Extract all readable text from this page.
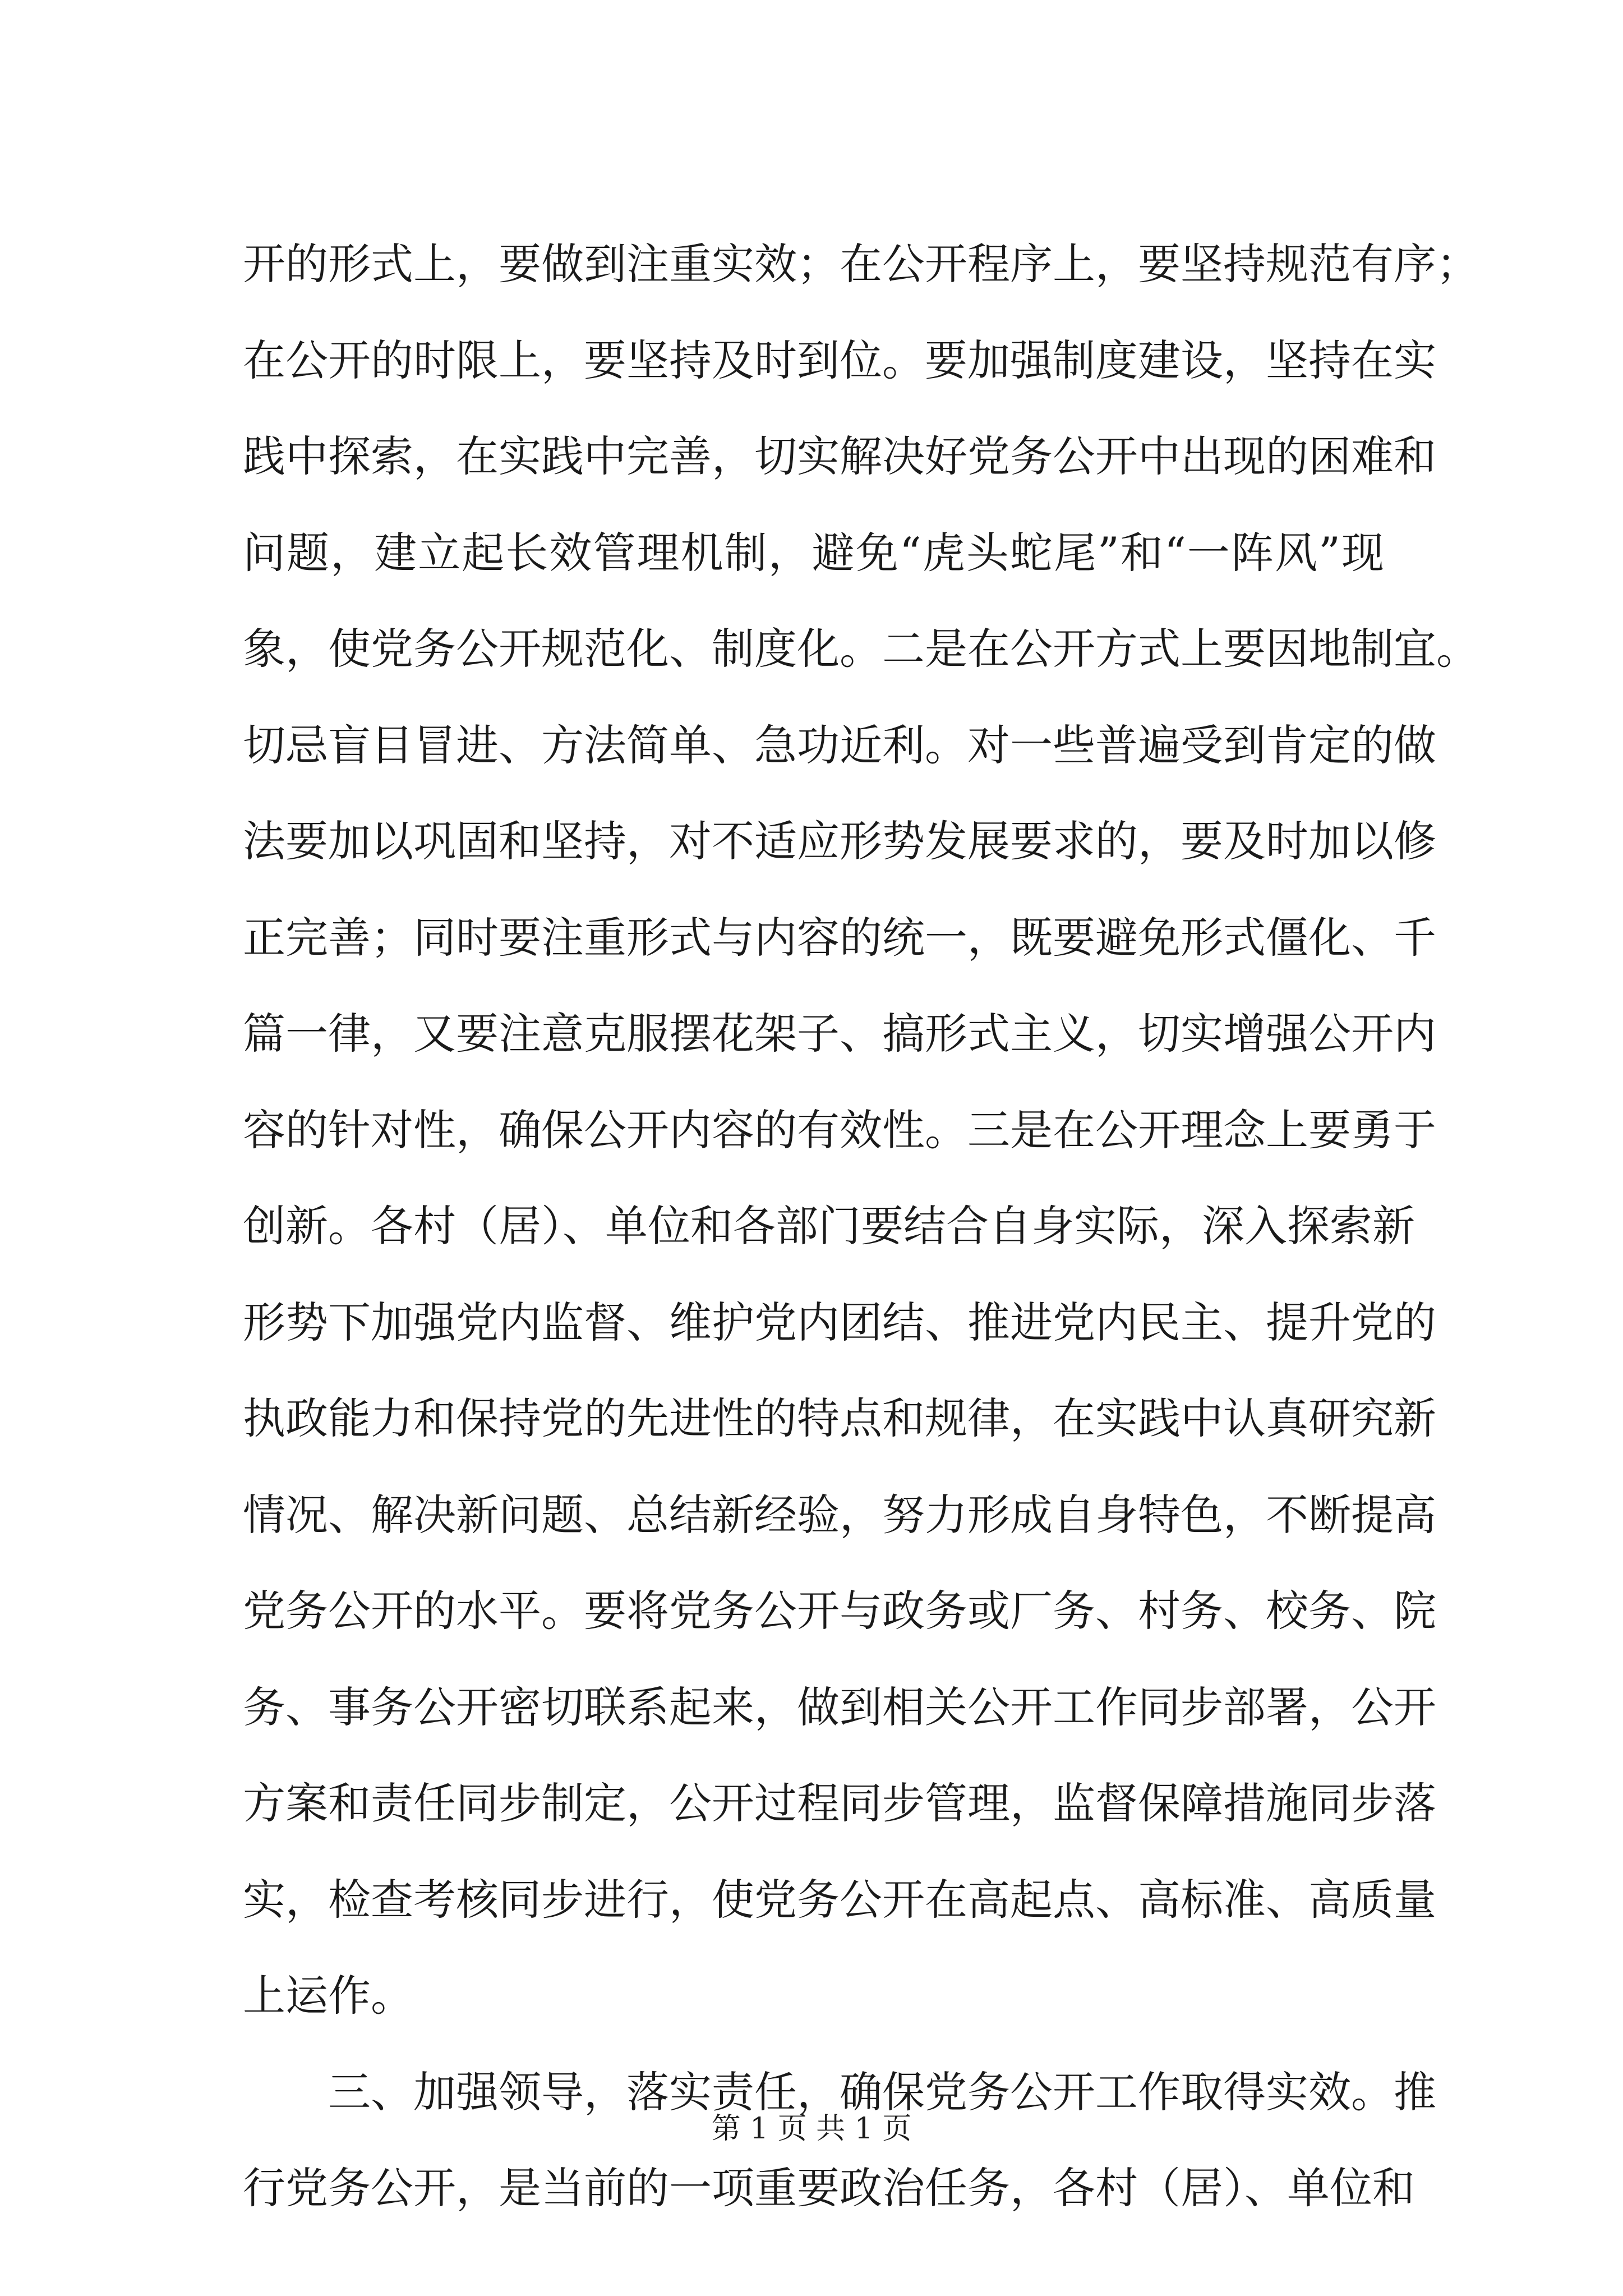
开的形式上，要做到注重实效；在公开程序上，要坚持规范有序；
在公开的时限上，要坚持及时到位。要加强制度建设，坚持在实
践中探索，在实践中完善，切实解决好党务公开中出现的困难和
问题，建立起长效管理机制，避免“虎头蛇尾”和“一阵风”现
象，使党务公开规范化、制度化。二是在公开方式上要因地制宜。
切忌盲目冒进、方法简单、急功近利。对一些普遍受到肯定的做
法要加以巩固和坚持，对不适应形势发展要求的，要及时加以修
正完善；同时要注重形式与内容的统一，既要避免形式僵化、千
篇一律，又要注意克服摆花架子、搞形式主义，切实增强公开内
容的针对性，确保公开内容的有效性。三是在公开理念上要勇于
创新。各村（居）、单位和各部门要结合自身实际，深入探索新
形势下加强党内监督、维护党内团结、推进党内民主、提升党的
执政能力和保持党的先进性的特点和规律，在实践中认真研究新
情况、解决新问题、总结新经验，努力形成自身特色，不断提高
党务公开的水平。要将党务公开与政务或厂务、村务、校务、院
务、事务公开密切联系起来，做到相关公开工作同步部署，公开
方案和责任同步制定，公开过程同步管理，监督保障措施同步落
实，检查考核同步进行，使党务公开在高起点、高标准、高质量
上运作。
三、加强领导，落实责任，确保党务公开工作取得实效。推
行党务公开，是当前的一项重要政治任务，各村（居）、单位和
第 1 页 共 1 页
